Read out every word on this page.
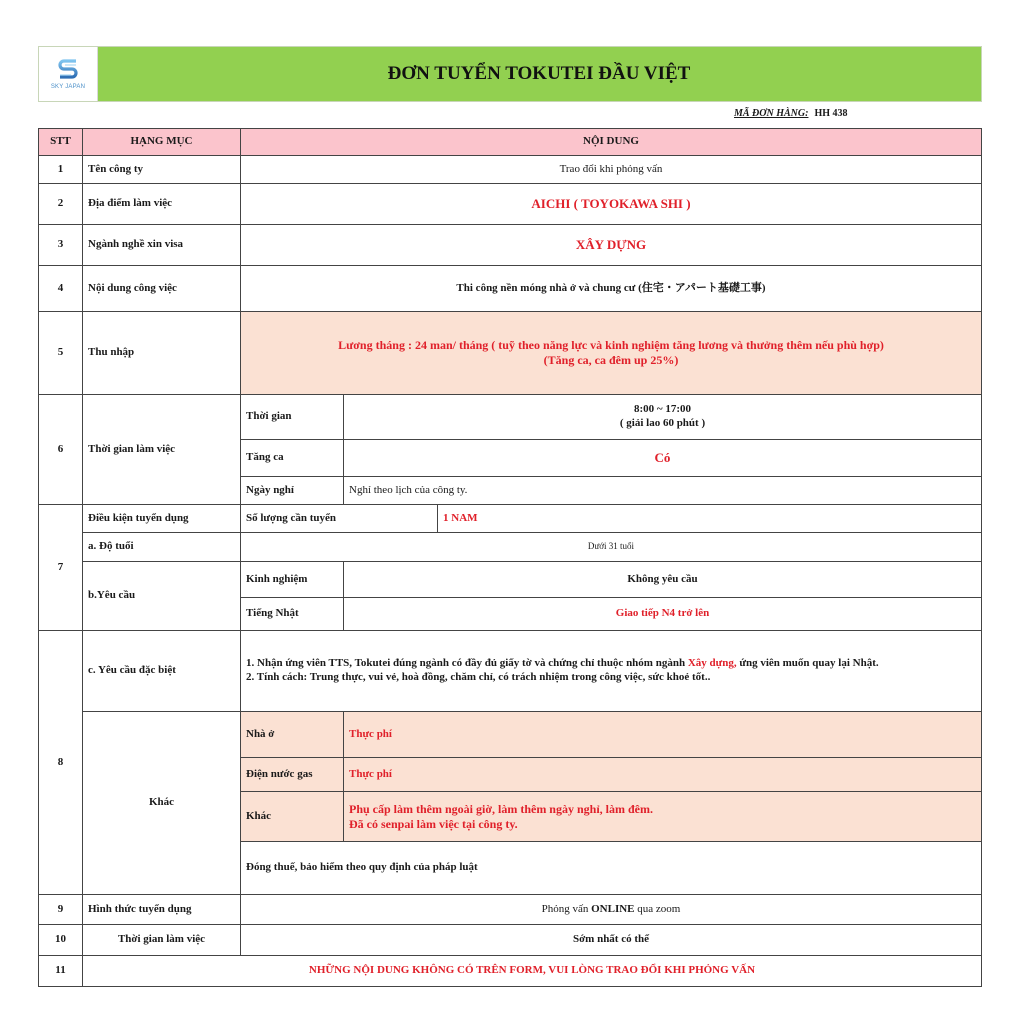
SKY JAPAN
ĐƠN TUYỂN TOKUTEI ĐẦU VIỆT
MÃ ĐƠN HÀNG: HH 438
STT	HẠNG MỤC	NỘI DUNG		
1	Tên công ty	Trao đổi khi phỏng vấn		
2	Địa điểm làm việc	AICHI ( TOYOKAWA SHI )		
3	Ngành nghề xin visa	XÂY DỰNG		
4	Nội dung công việc	Thi công nền móng nhà ở và chung cư (住宅・アパート基礎工事)		
5	Thu nhập	Lương tháng : 24 man/ tháng ( tuỹ theo năng lực và kinh nghiệm tăng lương và thưởng thêm nếu phù hợp)
(Tăng ca, ca đêm up 25%)		

6	Thời gian làm việc	Thời gian	8:00 ~ 17:00
( giải lao 60 phút )	

		Tăng ca	Có	
		Ngày nghỉ	Nghỉ theo lịch của công ty.	
7	Điều kiện tuyển dụng	Số lượng cần tuyển		1 NAM
	a. Độ tuổi	Dưới 31 tuổi		
	b.Yêu cầu	Kinh nghiệm	Không yêu cầu	
		Tiếng Nhật	Giao tiếp N4 trở lên	
8	c. Yêu cầu đặc biệt	1. Nhận ứng viên TTS, Tokutei đúng ngành có đầy đủ giấy tờ và chứng chỉ thuộc nhóm ngành Xây dựng, ứng viên muốn quay lại Nhật.
2. Tính cách: Trung thực, vui vẻ, hoà đồng, chăm chỉ, có trách nhiệm trong công việc, sức khoẻ tốt..		

	Khác	Nhà ở	Thực phí	
		Điện nước gas	Thực phí	
		Khác	Phụ cấp làm thêm ngoài giờ, làm thêm ngày nghỉ, làm đêm.
Đã có senpai làm việc tại công ty.	

		Đóng thuế, bảo hiểm theo quy định của pháp luật		
9	Hình thức tuyển dụng	Phỏng vấn ONLINE qua zoom		
10	Thời gian làm việc	Sớm nhất có thể		
11	NHỮNG NỘI DUNG KHÔNG CÓ TRÊN FORM, VUI LÒNG TRAO ĐỔI KHI PHỎNG VẤN			
